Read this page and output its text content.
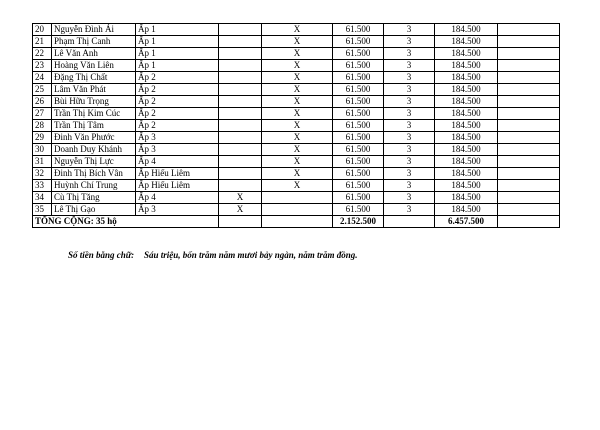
20	Nguyễn Đình Ái	Ấp 1		X	61.500	3	184.500	
21	Phạm Thị Canh	Ấp 1		X	61.500	3	184.500	
22	Lê Văn Anh	Ấp 1		X	61.500	3	184.500	
23	Hoàng Văn Liên	Ấp 1		X	61.500	3	184.500	
24	Đặng Thị Chất	Ấp 2		X	61.500	3	184.500	
25	Lâm Văn Phát	Ấp 2		X	61.500	3	184.500	
26	Bùi Hữu Trọng	Ấp 2		X	61.500	3	184.500	
27	Trần Thị Kim Cúc	Ấp 2		X	61.500	3	184.500	
28	Trần Thị Tâm	Ấp 2		X	61.500	3	184.500	
29	Đinh Văn Phước	Ấp 3		X	61.500	3	184.500	
30	Doanh Duy Khánh	Ấp 3		X	61.500	3	184.500	
31	Nguyễn Thị Lực	Ấp 4		X	61.500	3	184.500	
32	Đinh Thị Bích Vân	Ấp Hiếu Liêm		X	61.500	3	184.500	
33	Huỳnh Chí Trung	Ấp Hiếu Liêm		X	61.500	3	184.500	
34	Cù Thị Tăng	Ấp 4	X		61.500	3	184.500	
35	Lê Thị Gạo	Ấp 3	X		61.500	3	184.500	
TỔNG CỘNG: 35 hộ					2.152.500		6.457.500	
Số tiền bằng chữ: Sáu triệu, bốn trăm năm mươi bảy ngàn, năm trăm đồng.
